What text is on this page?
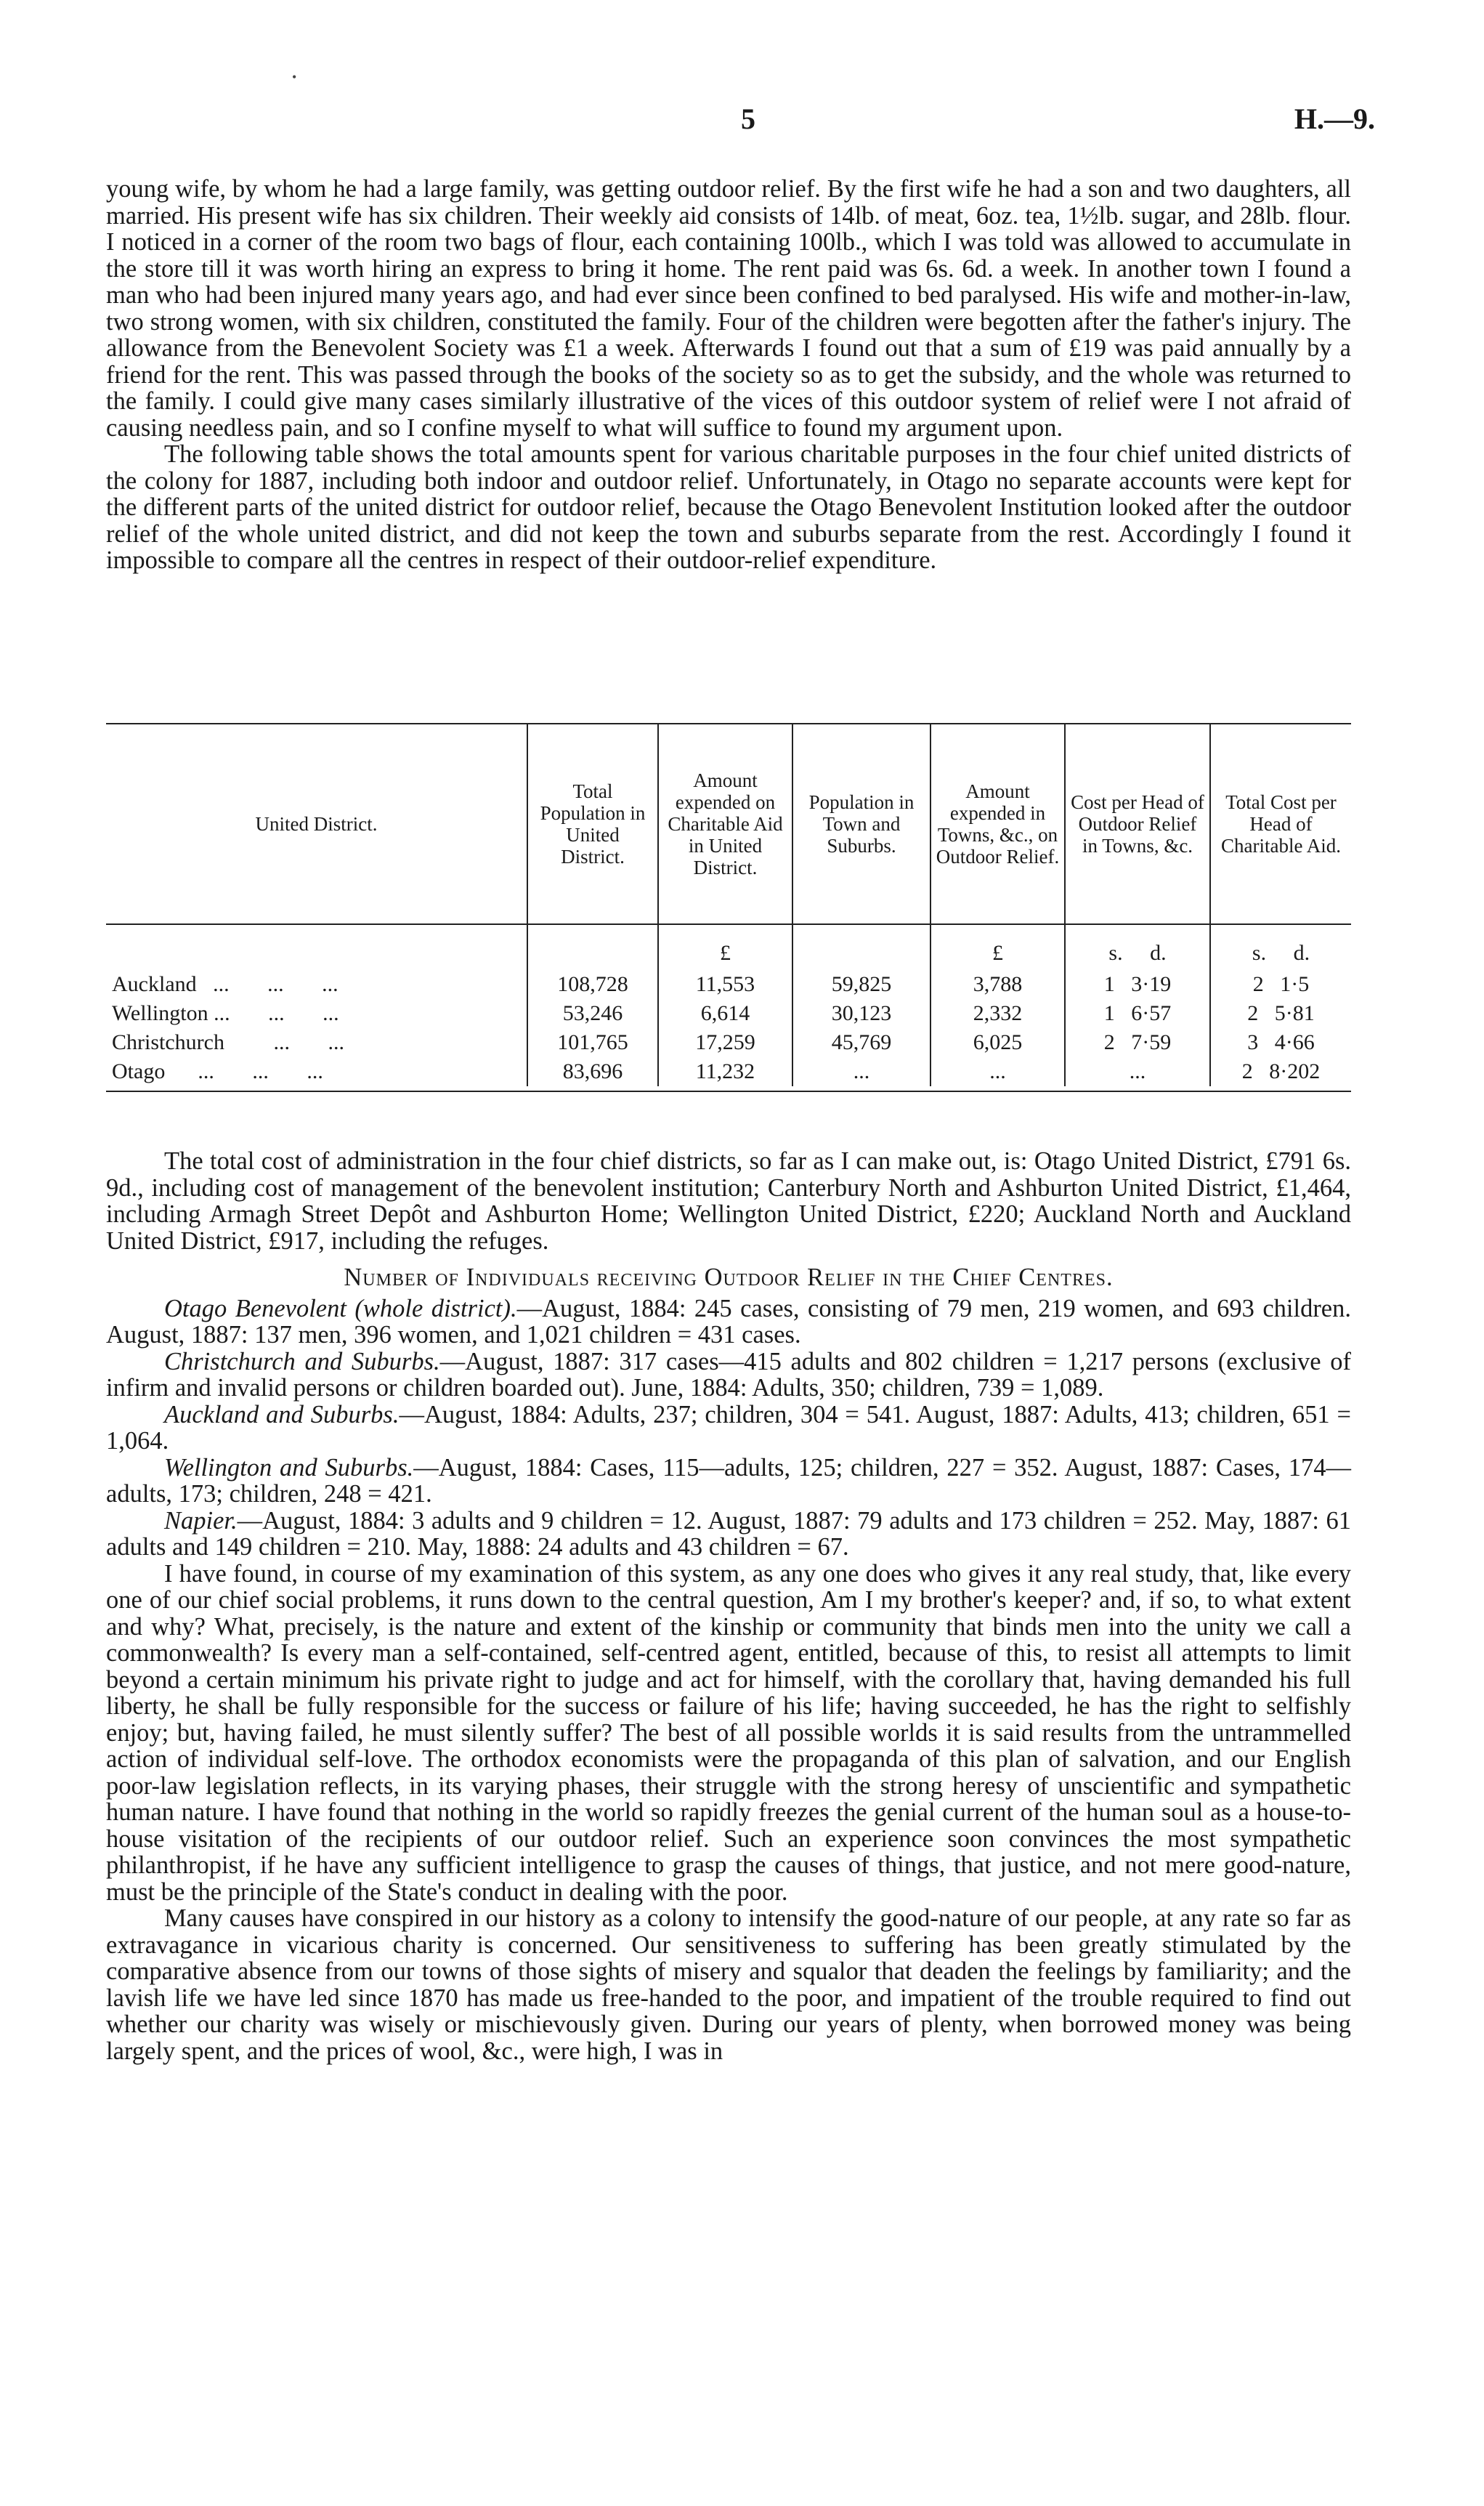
•
5	H.—9.

young wife, by whom he had a large family, was getting outdoor relief. By the first wife he had a son and two daughters, all married. His present wife has six children. Their weekly aid consists of 14lb. of meat, 6oz. tea, 1½lb. sugar, and 28lb. flour. I noticed in a corner of the room two bags of flour, each containing 100lb., which I was told was allowed to accumulate in the store till it was worth hiring an express to bring it home. The rent paid was 6s. 6d. a week. In another town I found a man who had been injured many years ago, and had ever since been confined to bed paralysed. His wife and mother-in-law, two strong women, with six children, constituted the family. Four of the children were begotten after the father's injury. The allowance from the Benevolent Society was £1 a week. Afterwards I found out that a sum of £19 was paid annually by a friend for the rent. This was passed through the books of the society so as to get the subsidy, and the whole was returned to the family. I could give many cases similarly illustrative of the vices of this outdoor system of relief were I not afraid of causing needless pain, and so I confine myself to what will suffice to found my argument upon.

The following table shows the total amounts spent for various charitable purposes in the four chief united districts of the colony for 1887, including both indoor and outdoor relief. Unfortunately, in Otago no separate accounts were kept for the different parts of the united district for outdoor relief, because the Otago Benevolent Institution looked after the outdoor relief of the whole united district, and did not keep the town and suburbs separate from the rest. Accordingly I found it impossible to compare all the centres in respect of their outdoor-relief expenditure.

United District.	Total Population in United District.	Amount expended on Charitable Aid in United District.	Population in Town and Suburbs.	Amount expended in Towns, &c., on Outdoor Relief.	Cost per Head of Outdoor Relief in Towns, &c.	Total Cost per Head of Charitable Aid.
		£		£	s.     d.	s.     d.
Auckland   ...       ...       ...	108,728	11,553	59,825	3,788	1 3·19	2 1·5
Wellington ...       ...       ...	53,246	6,614	30,123	2,332	1 6·57	2 5·81
Christchurch         ...       ...	101,765	17,259	45,769	6,025	2 7·59	3 4·66
Otago      ...       ...       ...	83,696	11,232	...	...	...	2 8·202

The total cost of administration in the four chief districts, so far as I can make out, is: Otago United District, £791 6s. 9d., including cost of management of the benevolent institution; Canterbury North and Ashburton United District, £1,464, including Armagh Street Depôt and Ashburton Home; Wellington United District, £220; Auckland North and Auckland United District, £917, including the refuges.

Number of Individuals receiving Outdoor Relief in the Chief Centres.

Otago Benevolent (whole district).—August, 1884: 245 cases, consisting of 79 men, 219 women, and 693 children. August, 1887: 137 men, 396 women, and 1,021 children = 431 cases.

Christchurch and Suburbs.—August, 1887: 317 cases—415 adults and 802 children = 1,217 persons (exclusive of infirm and invalid persons or children boarded out). June, 1884: Adults, 350; children, 739 = 1,089.

Auckland and Suburbs.—August, 1884: Adults, 237; children, 304 = 541. August, 1887: Adults, 413; children, 651 = 1,064.

Wellington and Suburbs.—August, 1884: Cases, 115—adults, 125; children, 227 = 352. August, 1887: Cases, 174—adults, 173; children, 248 = 421.

Napier.—August, 1884: 3 adults and 9 children = 12. August, 1887: 79 adults and 173 children = 252. May, 1887: 61 adults and 149 children = 210. May, 1888: 24 adults and 43 children = 67.

I have found, in course of my examination of this system, as any one does who gives it any real study, that, like every one of our chief social problems, it runs down to the central question, Am I my brother's keeper? and, if so, to what extent and why? What, precisely, is the nature and extent of the kinship or community that binds men into the unity we call a commonwealth? Is every man a self-contained, self-centred agent, entitled, because of this, to resist all attempts to limit beyond a certain minimum his private right to judge and act for himself, with the corollary that, having demanded his full liberty, he shall be fully responsible for the success or failure of his life; having succeeded, he has the right to selfishly enjoy; but, having failed, he must silently suffer? The best of all possible worlds it is said results from the untrammelled action of individual self-love. The orthodox economists were the propaganda of this plan of salvation, and our English poor-law legislation reflects, in its varying phases, their struggle with the strong heresy of unscientific and sympathetic human nature. I have found that nothing in the world so rapidly freezes the genial current of the human soul as a house-to-house visitation of the recipients of our outdoor relief. Such an experience soon convinces the most sympathetic philanthropist, if he have any sufficient intelligence to grasp the causes of things, that justice, and not mere good-nature, must be the principle of the State's conduct in dealing with the poor.

Many causes have conspired in our history as a colony to intensify the good-nature of our people, at any rate so far as extravagance in vicarious charity is concerned. Our sensitiveness to suffering has been greatly stimulated by the comparative absence from our towns of those sights of misery and squalor that deaden the feelings by familiarity; and the lavish life we have led since 1870 has made us free-handed to the poor, and impatient of the trouble required to find out whether our charity was wisely or mischievously given. During our years of plenty, when borrowed money was being largely spent, and the prices of wool, &c., were high, I was in
